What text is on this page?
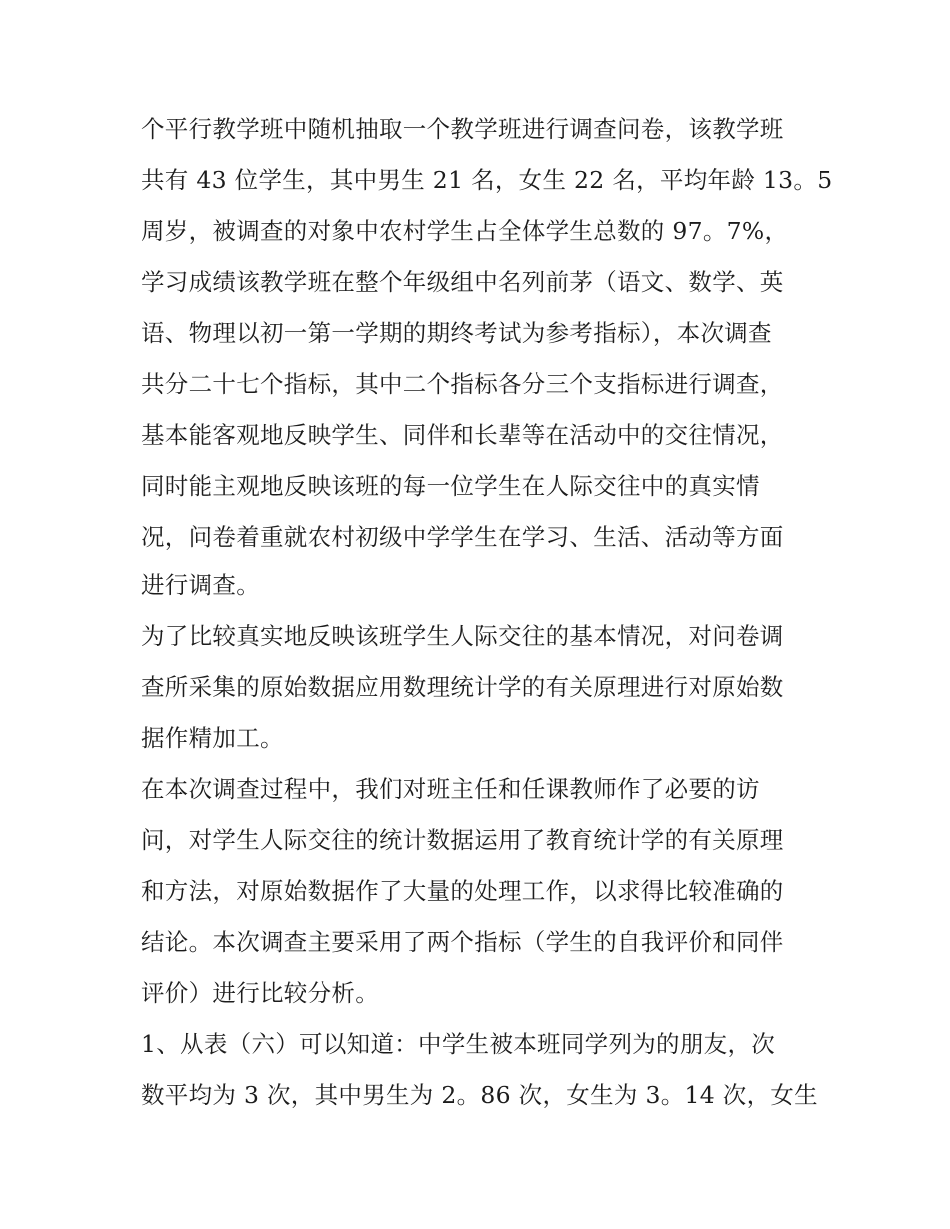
个平行教学班中随机抽取一个教学班进行调查问卷，该教学班
共有 43 位学生，其中男生 21 名，女生 22 名，平均年龄 13。5
周岁，被调查的对象中农村学生占全体学生总数的 97。7%，
学习成绩该教学班在整个年级组中名列前茅（语文、数学、英
语、物理以初一第一学期的期终考试为参考指标），本次调查
共分二十七个指标，其中二个指标各分三个支指标进行调查，
基本能客观地反映学生、同伴和长辈等在活动中的交往情况，
同时能主观地反映该班的每一位学生在人际交往中的真实情
况，问卷着重就农村初级中学学生在学习、生活、活动等方面
进行调查。
为了比较真实地反映该班学生人际交往的基本情况，对问卷调
查所采集的原始数据应用数理统计学的有关原理进行对原始数
据作精加工。
在本次调查过程中，我们对班主任和任课教师作了必要的访
问，对学生人际交往的统计数据运用了教育统计学的有关原理
和方法，对原始数据作了大量的处理工作，以求得比较准确的
结论。本次调查主要采用了两个指标（学生的自我评价和同伴
评价）进行比较分析。
1、从表（六）可以知道：中学生被本班同学列为的朋友，次
数平均为 3 次，其中男生为 2。86 次，女生为 3。14 次，女生
